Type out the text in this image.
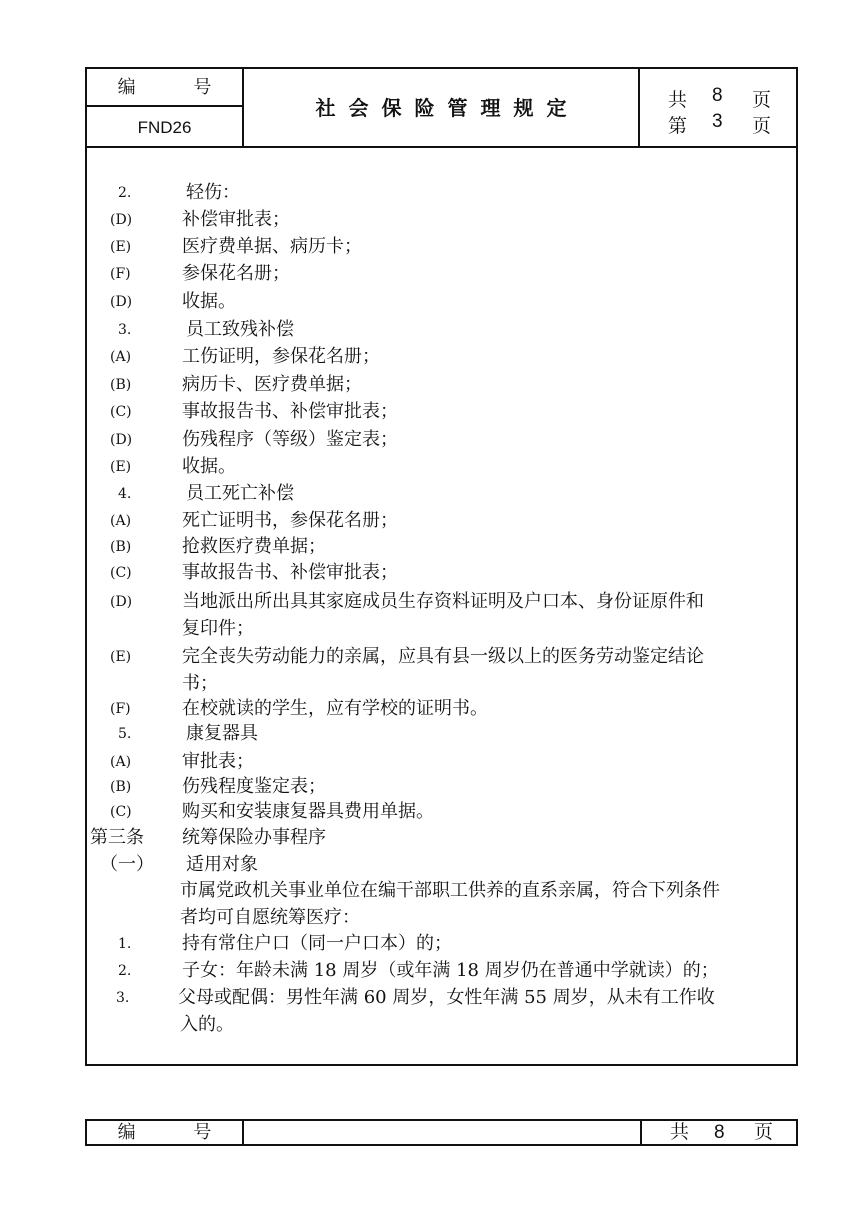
编 号
FND26
社会保险管理规定	共 8 页
第 3 页
2.	轻伤：
(D)	补偿审批表；
(E)	医疗费单据、病历卡；
(F)	参保花名册；
(D)	收据。
3.	员工致残补偿
(A)	工伤证明，参保花名册；
(B)	病历卡、医疗费单据；
(C)	事故报告书、补偿审批表；
(D)	伤残程序（等级）鉴定表；
(E)	收据。
4.	员工死亡补偿
(A)	死亡证明书，参保花名册；
(B)	抢救医疗费单据；
(C)	事故报告书、补偿审批表；
(D)	当地派出所出具其家庭成员生存资料证明及户口本、身份证原件和
复印件；
(E)	完全丧失劳动能力的亲属，应具有县一级以上的医务劳动鉴定结论
书；
(F)	在校就读的学生，应有学校的证明书。
5.	康复器具
(A)	审批表；
(B)	伤残程度鉴定表；
(C)	购买和安装康复器具费用单据。
第三条 统筹保险办事程序
（一） 适用对象
市属党政机关事业单位在编干部职工供养的直系亲属，符合下列条件
者均可自愿统筹医疗：
1.	持有常住户口（同一户口本）的；
2.	子女：年龄未满 18 周岁（或年满 18 周岁仍在普通中学就读）的；
3.	父母或配偶：男性年满 60 周岁，女性年满 55 周岁，从未有工作收
入的。
编 号	共 8 页
